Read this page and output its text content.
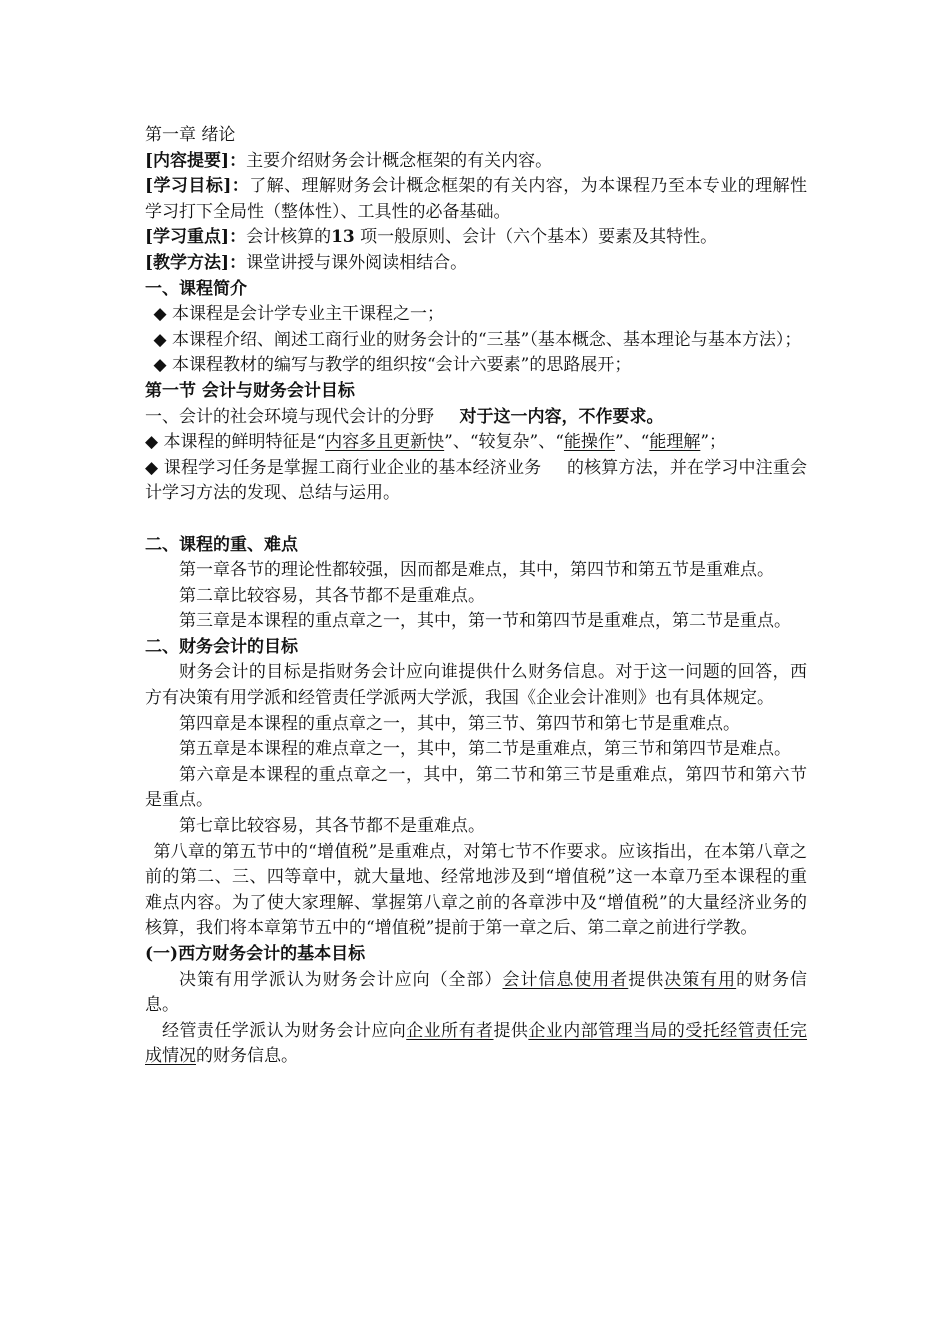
第一章 绪论

[内容提要]：主要介绍财务会计概念框架的有关内容。

[学习目标]：了解、理解财务会计概念框架的有关内容，为本课程乃至本专业的理解性学习打下全局性（整体性）、工具性的必备基础。

[学习重点]：会计核算的13 项一般原则、会计（六个基本）要素及其特性。

[教学方法]：课堂讲授与课外阅读相结合。

一、课程简介

◆ 本课程是会计学专业主干课程之一；

◆ 本课程介绍、阐述工商行业的财务会计的“三基”（基本概念、基本理论与基本方法）；

◆ 本课程教材的编写与教学的组织按“会计六要素”的思路展开；

第一节 会计与财务会计目标

一、会计的社会环境与现代会计的分野 对于这一内容，不作要求。

◆ 本课程的鲜明特征是“内容多且更新快”、“较复杂”、“能操作”、“能理解”；

◆ 课程学习任务是掌握工商行业企业的基本经济业务 的核算方法，并在学习中注重会计学习方法的发现、总结与运用。

二、课程的重、难点

第一章各节的理论性都较强，因而都是难点，其中，第四节和第五节是重难点。

第二章比较容易，其各节都不是重难点。

第三章是本课程的重点章之一，其中，第一节和第四节是重难点，第二节是重点。

二、财务会计的目标

财务会计的目标是指财务会计应向谁提供什么财务信息。对于这一问题的回答，西方有决策有用学派和经管责任学派两大学派，我国《企业会计准则》也有具体规定。

第四章是本课程的重点章之一，其中，第三节、第四节和第七节是重难点。

第五章是本课程的难点章之一，其中，第二节是重难点，第三节和第四节是难点。

第六章是本课程的重点章之一，其中，第二节和第三节是重难点，第四节和第六节是重点。

第七章比较容易，其各节都不是重难点。

第八章的第五节中的“增值税”是重难点，对第七节不作要求。应该指出，在本第八章之前的第二、三、四等章中，就大量地、经常地涉及到“增值税”这一本章乃至本课程的重难点内容。为了使大家理解、掌握第八章之前的各章涉中及“增值税”的大量经济业务的核算，我们将本章第节五中的“增值税”提前于第一章之后、第二章之前进行学教。

(一)西方财务会计的基本目标

决策有用学派认为财务会计应向（全部）会计信息使用者提供决策有用的财务信息。

经管责任学派认为财务会计应向企业所有者提供企业内部管理当局的受托经管责任完成情况的财务信息。
